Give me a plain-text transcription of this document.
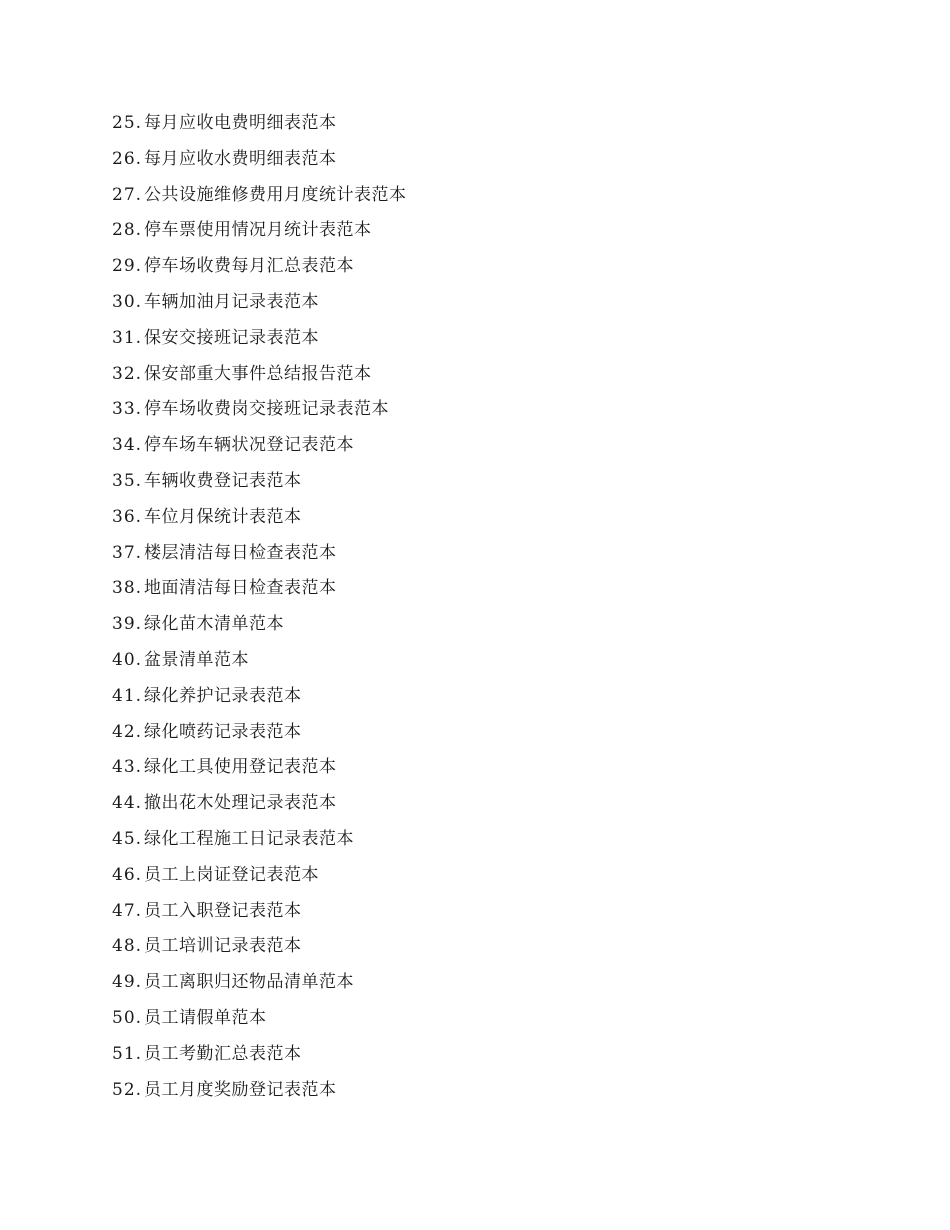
25. 每月应收电费明细表范本
26. 每月应收水费明细表范本
27. 公共设施维修费用月度统计表范本
28. 停车票使用情况月统计表范本
29. 停车场收费每月汇总表范本
30. 车辆加油月记录表范本
31. 保安交接班记录表范本
32. 保安部重大事件总结报告范本
33. 停车场收费岗交接班记录表范本
34. 停车场车辆状况登记表范本
35. 车辆收费登记表范本
36. 车位月保统计表范本
37. 楼层清洁每日检查表范本
38. 地面清洁每日检查表范本
39. 绿化苗木清单范本
40. 盆景清单范本
41. 绿化养护记录表范本
42. 绿化喷药记录表范本
43. 绿化工具使用登记表范本
44. 撤出花木处理记录表范本
45. 绿化工程施工日记录表范本
46. 员工上岗证登记表范本
47. 员工入职登记表范本
48. 员工培训记录表范本
49. 员工离职归还物品清单范本
50. 员工请假单范本
51. 员工考勤汇总表范本
52. 员工月度奖励登记表范本
